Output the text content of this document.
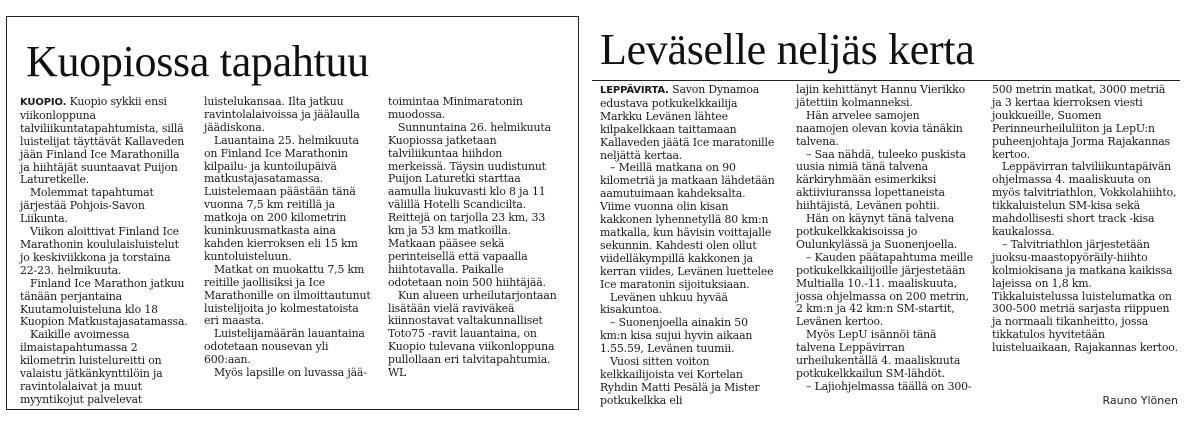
Kuopiossa tapahtuu

KUOPIO. Kuopio sykkii ensi viikonloppuna talviliikuntatapahtumista, sillä luistelijat täyttävät Kallaveden jään Finland Ice Marathonilla ja hiihtäjät suuntaavat Puijon Laturetkelle.

Molemmat tapahtumat järjestää Pohjois-Savon Liikunta.

Viikon aloittivat Finland Ice Marathonin koululaisluistelut jo keskiviikkona ja torstaina 22-23. helmikuuta.

Finland Ice Marathon jatkuu tänään perjantaina Kuutamoluisteluna klo 18 Kuopion Matkustajasatamassa.

Kaikille avoimessa ilmaistapahtumassa 2 kilometrin luistelureitti on valaistu jätkänkynttilöin ja ravintolalaivat ja muut myyntikojut palvelevat

luistelukansaa. Ilta jatkuu ravintolalaivoissa ja jäälaulla jäädiskona.

Lauantaina 25. helmikuuta on Finland Ice Marathonin kilpailu- ja kuntoilupäivä matkustajasatamassa. Luistelemaan päästään tänä vuonna 7,5 km reitillä ja matkoja on 200 kilometrin kuninkuusmatkasta aina kahden kierroksen eli 15 km kuntoluisteluun.

Matkat on muokattu 7,5 km reitille jaollisiksi ja Ice Marathonille on ilmoittautunut luistelijoita jo kolmestatoista eri maasta.

Luistelijamäärän lauantaina odotetaan nousevan yli 600:aan.

Myös lapsille on luvassa jää-

toimintaa Minimaratonin muodossa.

Sunnuntaina 26. helmikuuta Kuopiossa jatketaan talviliikuntaa hiihdon merkeissä. Täysin uudistunut Puijon Laturetki starttaa aamulla liukuvasti klo 8 ja 11 välillä Hotelli Scandicilta. Reittejä on tarjolla 23 km, 33 km ja 53 km matkoilla. Matkaan pääsee sekä perinteisellä että vapaalla hiihtotavalla. Paikalle odotetaan noin 500 hiihtäjää.

Kun alueen urheilutarjontaan lisätään vielä raviväkeä kiinnostavat valtakunnalliset Toto75 -ravit lauantaina, on Kuopio tulevana viikonloppuna pullollaan eri talvitapahtumia. WL

Leväselle neljäs kerta

LEPPÄVIRTA. Savon Dynamoa edustava potkukelkkailija Markku Levänen lähtee kilpakelkkaan taittamaan Kallaveden jäätä Ice maratonille neljättä kertaa.

– Meillä matkana on 90 kilometriä ja matkaan lähdetään aamutuimaan kahdeksalta. Viime vuonna olin kisan kakkonen lyhennetyllä 80 km:n matkalla, kun hävisin voittajalle sekunnin. Kahdesti olen ollut viidelläkympillä kakkonen ja kerran viides, Levänen luettelee Ice maratonin sijoituksiaan.

Levänen uhkuu hyvää kisakuntoa.

– Suonenjoella ainakin 50 km:n kisa sujui hyvin aikaan 1.55.59, Levänen tuumii.

Vuosi sitten voiton kelkkailijoista vei Kortelan Ryhdin Matti Pesälä ja Mister potkukelkka eli

lajin kehittänyt Hannu Vierikko jätettiin kolmanneksi.

Hän arvelee samojen naamojen olevan kovia tänäkin talvena.

– Saa nähdä, tuleeko puskista uusia nimiä tänä talvena kärkiryhmään esimerkiksi aktiiviuranssa lopettaneista hiihtäjistä, Levänen pohtii.

Hän on käynyt tänä talvena potkukelkkakisoissa jo Oulunkylässä ja Suonenjoella.

– Kauden päätapahtuma meille potkukelkkailijoille järjestetään Multialla 10.-11. maaliskuuta, jossa ohjelmassa on 200 metrin, 2 km:n ja 42 km:n SM-startit, Levänen kertoo.

Myös LepU isännöi tänä talvena Leppävirran urheilukentällä 4. maaliskuuta potkukelkkailun SM-lähdöt.

– Lajiohjelmassa täällä on 300-

500 metrin matkat, 3000 metriä ja 3 kertaa kierroksen viesti joukkueille, Suomen Perinneurheiluliiton ja LepU:n puheenjohtaja Jorma Rajakannas kertoo.

Leppävirran talviliikuntapäivän ohjelmassa 4. maaliskuuta on myös talvitriathlon, Vokkolahiihto, tikkaluistelun SM-kisa sekä mahdollisesti short track -kisa kaukalossa.

– Talvitriathlon järjestetään juoksu-maastopyöräily-hiihto kolmiokisana ja matkana kaikissa lajeissa on 1,8 km. Tikkaluistelussa luistelumatka on 300-500 metriä sarjasta riippuen ja normaali tikanheitto, jossa tikkatulos hyvitetään luisteluaikaan, Rajakannas kertoo.

Rauno Ylönen
